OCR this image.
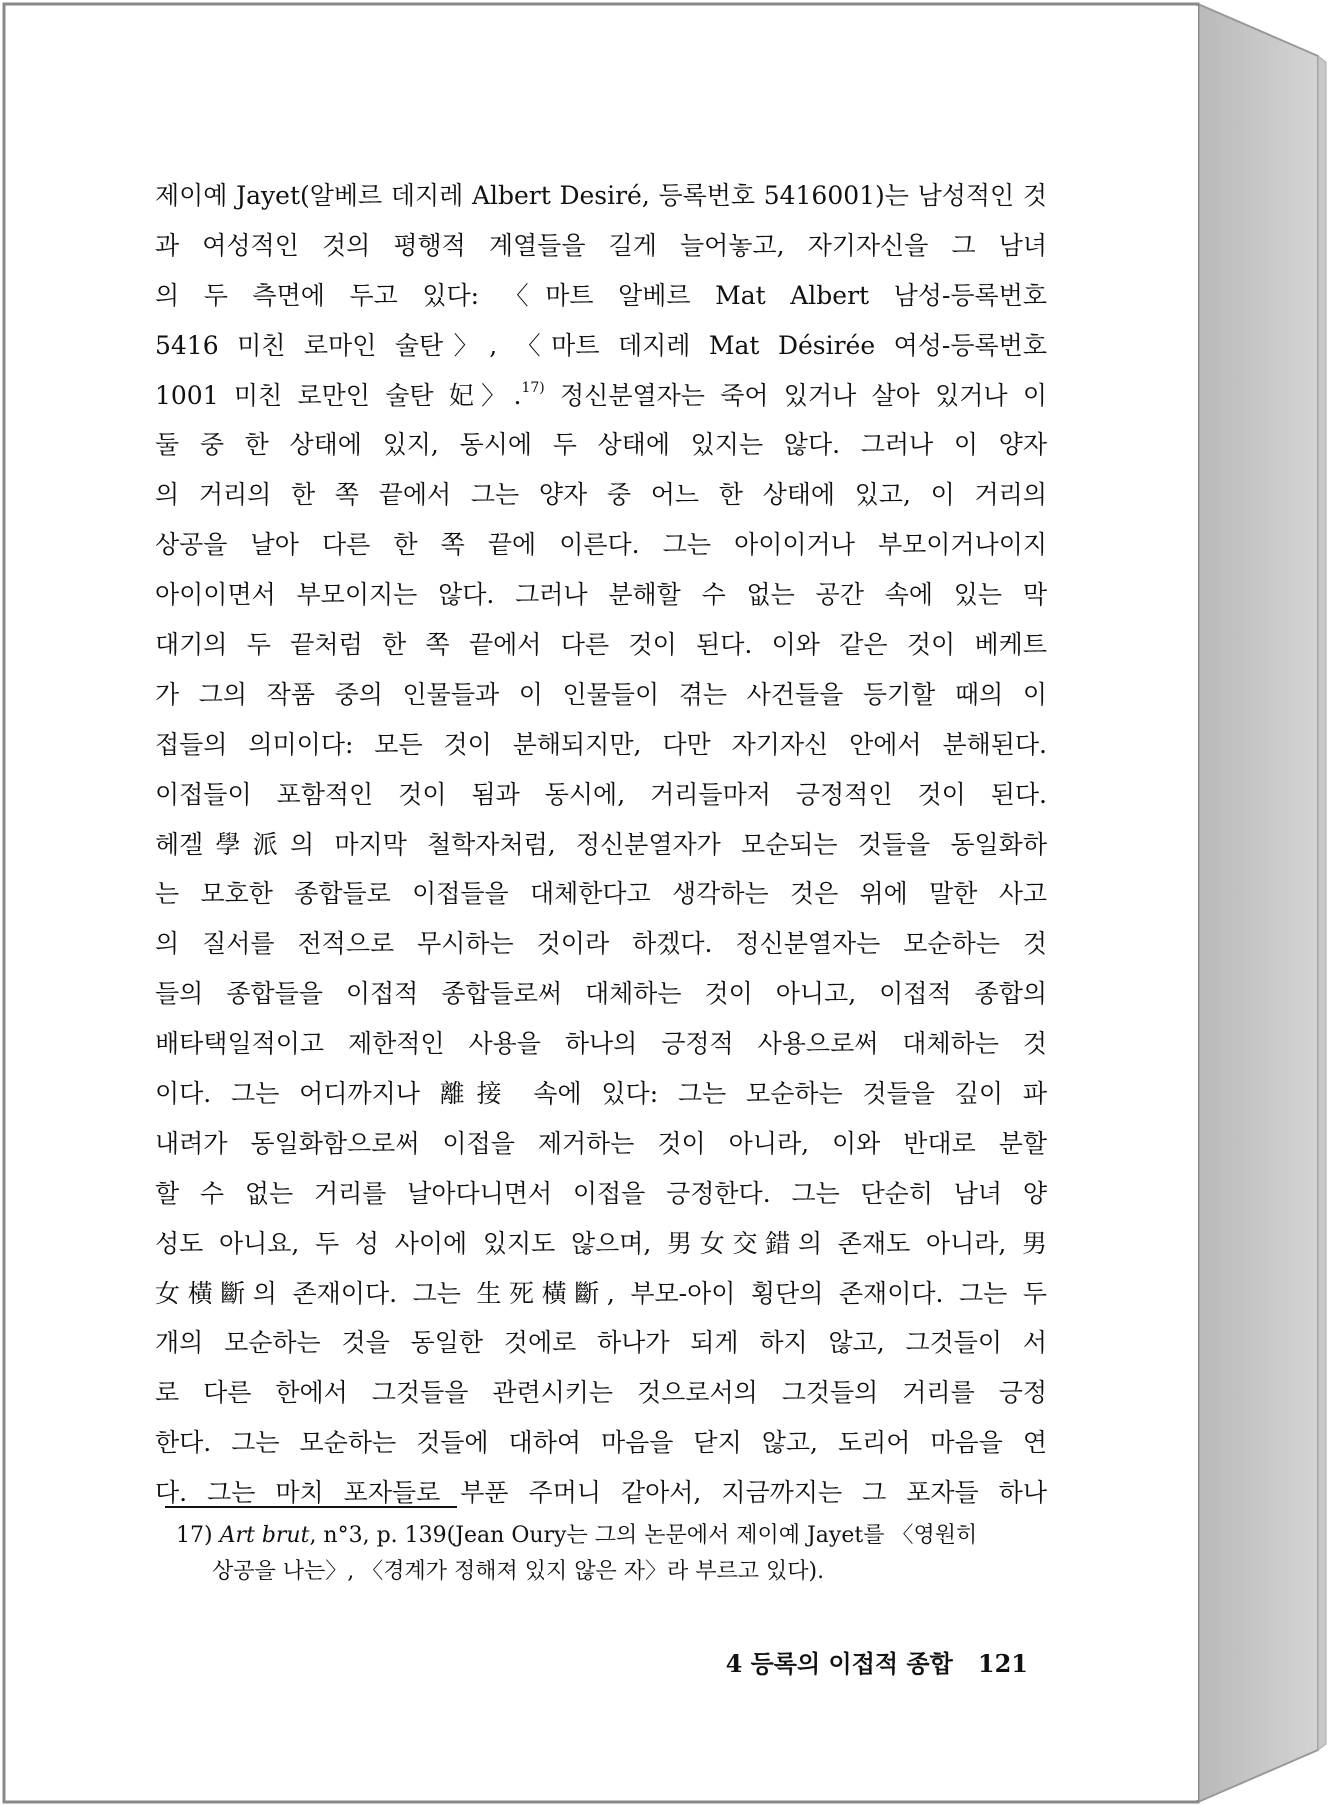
제이예 Jayet(알베르 데지레 Albert Desiré, 등록번호 5416001)는 남성적인 것
과 여성적인 것의 평행적 계열들을 길게 늘어놓고, 자기자신을 그 남녀
의 두 측면에 두고 있다: 〈마트 알베르 Mat Albert 남성-등록번호
5416 미친 로마인 술탄〉, 〈마트 데지레 Mat Désirée 여성-등록번호
1001 미친 로만인 술탄 妃〉.$^{17)}$ 정신분열자는 죽어 있거나 살아 있거나 이
둘 중 한 상태에 있지, 동시에 두 상태에 있지는 않다. 그러나 이 양자
의 거리의 한 쪽 끝에서 그는 양자 중 어느 한 상태에 있고, 이 거리의
상공을 날아 다른 한 쪽 끝에 이른다. 그는 아이이거나 부모이거나이지
아이이면서 부모이지는 않다. 그러나 분해할 수 없는 공간 속에 있는 막
대기의 두 끝처럼 한 쪽 끝에서 다른 것이 된다. 이와 같은 것이 베케트
가 그의 작품 중의 인물들과 이 인물들이 겪는 사건들을 등기할 때의 이
접들의 의미이다: 모든 것이 분해되지만, 다만 자기자신 안에서 분해된다.
이접들이 포함적인 것이 됨과 동시에, 거리들마저 긍정적인 것이 된다.
헤겔學派의 마지막 철학자처럼, 정신분열자가 모순되는 것들을 동일화하
는 모호한 종합들로 이접들을 대체한다고 생각하는 것은 위에 말한 사고
의 질서를 전적으로 무시하는 것이라 하겠다. 정신분열자는 모순하는 것
들의 종합들을 이접적 종합들로써 대체하는 것이 아니고, 이접적 종합의
배타택일적이고 제한적인 사용을 하나의 긍정적 사용으로써 대체하는 것
이다. 그는 어디까지나 離接 속에 있다: 그는 모순하는 것들을 깊이 파
내려가 동일화함으로써 이접을 제거하는 것이 아니라, 이와 반대로 분할
할 수 없는 거리를 날아다니면서 이접을 긍정한다. 그는 단순히 남녀 양
성도 아니요, 두 성 사이에 있지도 않으며, 男女交錯의 존재도 아니라, 男
女橫斷의 존재이다. 그는 生死橫斷, 부모-아이 횡단의 존재이다. 그는 두
개의 모순하는 것을 동일한 것에로 하나가 되게 하지 않고, 그것들이 서
로 다른 한에서 그것들을 관련시키는 것으로서의 그것들의 거리를 긍정
한다. 그는 모순하는 것들에 대하여 마음을 닫지 않고, 도리어 마음을 연
다. 그는 마치 포자들로 부푼 주머니 같아서, 지금까지는 그 포자들 하나
17) Art brut, n°3, p. 139(Jean Oury는 그의 논문에서 제이예 Jayet를 〈영원히
상공을 나는〉, 〈경계가 정해져 있지 않은 자〉라 부르고 있다).
4 등록의 이접적 종합 121
